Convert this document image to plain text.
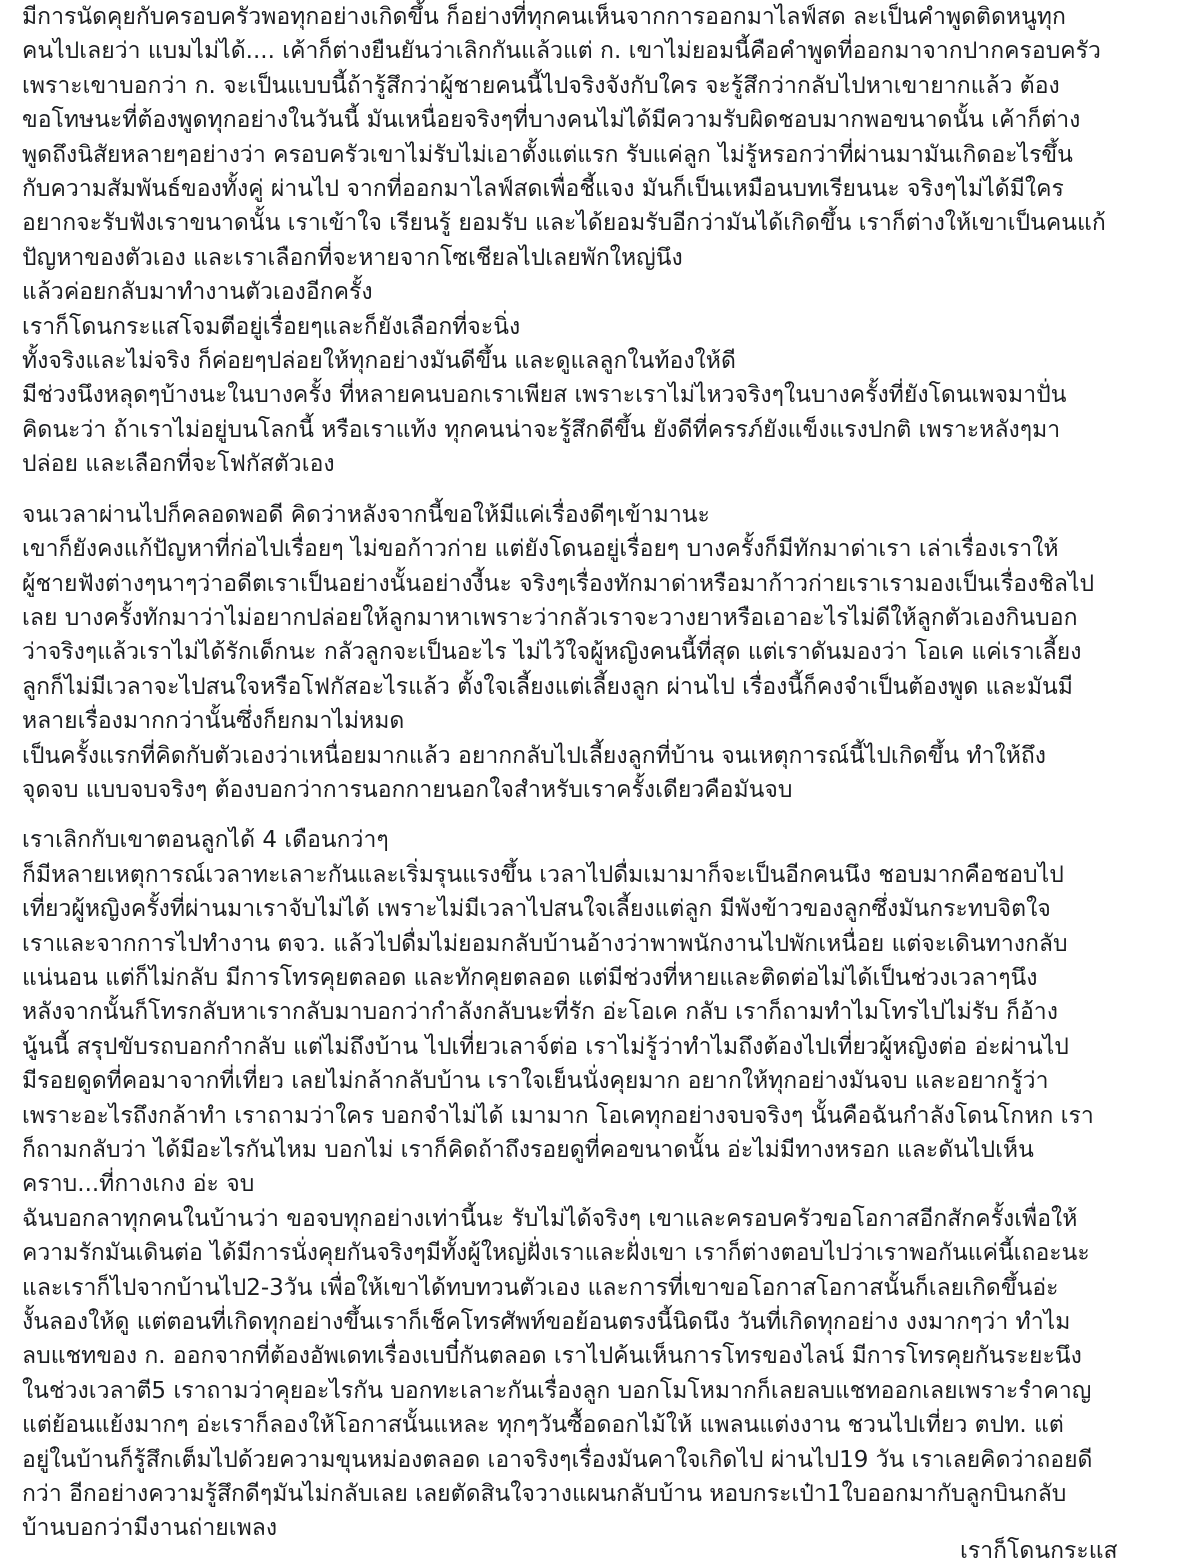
มีการนัดคุยกับครอบครัวพอทุกอย่างเกิดขึ้น ก็อย่างที่ทุกคนเห็นจากการออกมาไลฟ์สด ละเป็นคำพูดติดหนูทุก
คนไปเลยว่า แบมไม่ได้.... เค้าก็ต่างยืนยันว่าเลิกกันแล้วแต่ ก. เขาไม่ยอมนี้คือคำพูดที่ออกมาจากปากครอบครัว
เพราะเขาบอกว่า ก. จะเป็นแบบนี้ถ้ารู้สึกว่าผู้ชายคนนี้ไปจริงจังกับใคร จะรู้สึกว่ากลับไปหาเขายากแล้ว ต้อง
ขอโทษนะที่ต้องพูดทุกอย่างในวันนี้ มันเหนื่อยจริงๆที่บางคนไม่ได้มีความรับผิดชอบมากพอขนาดนั้น เค้าก็ต่าง
พูดถึงนิสัยหลายๆอย่างว่า ครอบครัวเขาไม่รับไม่เอาตั้งแต่แรก รับแค่ลูก ไม่รู้หรอกว่าที่ผ่านมามันเกิดอะไรขึ้น
กับความสัมพันธ์ของทั้งคู่ ผ่านไป จากที่ออกมาไลฟ์สดเพื่อชี้แจง มันก็เป็นเหมือนบทเรียนนะ จริงๆไม่ได้มีใคร
อยากจะรับฟังเราขนาดนั้น เราเข้าใจ เรียนรู้ ยอมรับ และได้ยอมรับอีกว่ามันได้เกิดขึ้น เราก็ต่างให้เขาเป็นคนแก้
ปัญหาของตัวเอง และเราเลือกที่จะหายจากโซเชียลไปเลยพักใหญ่นึง
แล้วค่อยกลับมาทำงานตัวเองอีกครั้ง
เราก็โดนกระแสโจมตีอยู่เรื่อยๆและก็ยังเลือกที่จะนิ่ง
ทั้งจริงและไม่จริง ก็ค่อยๆปล่อยให้ทุกอย่างมันดีขึ้น และดูแลลูกในท้องให้ดี
มีช่วงนึงหลุดๆบ้างนะในบางครั้ง ที่หลายคนบอกเราเพียส เพราะเราไม่ไหวจริงๆในบางครั้งที่ยังโดนเพจมาปั่น
คิดนะว่า ถ้าเราไม่อยู่บนโลกนี้ หรือเราแท้ง ทุกคนน่าจะรู้สึกดีขึ้น ยังดีที่ครรภ์ยังแข็งแรงปกติ เพราะหลังๆมา
ปล่อย และเลือกที่จะโฟกัสตัวเอง
จนเวลาผ่านไปก็คลอดพอดี คิดว่าหลังจากนี้ขอให้มีแค่เรื่องดีๆเข้ามานะ
เขาก็ยังคงแก้ปัญหาที่ก่อไปเรื่อยๆ ไม่ขอก้าวก่าย แต่ยังโดนอยู่เรื่อยๆ บางครั้งก็มีทักมาด่าเรา เล่าเรื่องเราให้
ผู้ชายฟังต่างๆนาๆว่าอดีตเราเป็นอย่างนั้นอย่างงี้นะ จริงๆเรื่องทักมาด่าหรือมาก้าวก่ายเราเรามองเป็นเรื่องชิลไป
เลย บางครั้งทักมาว่าไม่อยากปล่อยให้ลูกมาหาเพราะว่ากลัวเราจะวางยาหรือเอาอะไรไม่ดีให้ลูกตัวเองกินบอก
ว่าจริงๆแล้วเราไม่ได้รักเด็กนะ กลัวลูกจะเป็นอะไร ไม่ไว้ใจผู้หญิงคนนี้ที่สุด แต่เราดันมองว่า โอเค แค่เราเลี้ยง
ลูกก็ไม่มีเวลาจะไปสนใจหรือโฟกัสอะไรแล้ว ตั้งใจเลี้ยงแต่เลี้ยงลูก ผ่านไป เรื่องนี้ก็คงจำเป็นต้องพูด และมันมี
หลายเรื่องมากกว่านั้นซึ่งก็ยกมาไม่หมด
เป็นครั้งแรกที่คิดกับตัวเองว่าเหนื่อยมากแล้ว อยากกลับไปเลี้ยงลูกที่บ้าน จนเหตุการณ์นี้ไปเกิดขึ้น ทำให้ถึง
จุดจบ แบบจบจริงๆ ต้องบอกว่าการนอกกายนอกใจสำหรับเราครั้งเดียวคือมันจบ
เราเลิกกับเขาตอนลูกได้ 4 เดือนกว่าๆ
ก็มีหลายเหตุการณ์เวลาทะเลาะกันและเริ่มรุนแรงขึ้น เวลาไปดื่มเมามาก็จะเป็นอีกคนนึง ชอบมากคือชอบไป
เที่ยวผู้หญิงครั้งที่ผ่านมาเราจับไม่ได้ เพราะไม่มีเวลาไปสนใจเลี้ยงแต่ลูก มีพังข้าวของลูกซึ่งมันกระทบจิตใจ
เราและจากการไปทำงาน ตจว. แล้วไปดื่มไม่ยอมกลับบ้านอ้างว่าพาพนักงานไปพักเหนื่อย แต่จะเดินทางกลับ
แน่นอน แต่ก็ไม่กลับ มีการโทรคุยตลอด และทักคุยตลอด แต่มีช่วงที่หายและติดต่อไม่ได้เป็นช่วงเวลาๆนึง
หลังจากนั้นก็โทรกลับหาเรากลับมาบอกว่ากำลังกลับนะที่รัก อ่ะโอเค กลับ เราก็ถามทำไมโทรไปไม่รับ ก็อ้าง
นู้นนี้ สรุปขับรถบอกกำกลับ แต่ไม่ถึงบ้าน ไปเที่ยวเลาจ์ต่อ เราไม่รู้ว่าทำไมถึงต้องไปเที่ยวผู้หญิงต่อ อ่ะผ่านไป
มีรอยดูดที่คอมาจากที่เที่ยว เลยไม่กล้ากลับบ้าน เราใจเย็นนั่งคุยมาก อยากให้ทุกอย่างมันจบ และอยากรู้ว่า
เพราะอะไรถึงกล้าทำ เราถามว่าใคร บอกจำไม่ได้ เมามาก โอเคทุกอย่างจบจริงๆ นั้นคือฉันกำลังโดนโกหก เรา
ก็ถามกลับว่า ได้มีอะไรกันไหม บอกไม่ เราก็คิดถ้าถึงรอยดูที่คอขนาดนั้น อ่ะไม่มีทางหรอก และดันไปเห็น
คราบ...ที่กางเกง อ่ะ จบ
ฉันบอกลาทุกคนในบ้านว่า ขอจบทุกอย่างเท่านี้นะ รับไม่ได้จริงๆ เขาและครอบครัวขอโอกาสอีกสักครั้งเพื่อให้
ความรักมันเดินต่อ ได้มีการนั่งคุยกันจริงๆมีทั้งผู้ใหญ่ฝั่งเราและฝั่งเขา เราก็ต่างตอบไปว่าเราพอกันแค่นี้เถอะนะ
และเราก็ไปจากบ้านไป2-3วัน เพื่อให้เขาได้ทบทวนตัวเอง และการที่เขาขอโอกาสโอกาสนั้นก็เลยเกิดขึ้นอ่ะ
งั้นลองให้ดู แต่ตอนที่เกิดทุกอย่างขึ้นเราก็เช็คโทรศัพท์ขอย้อนตรงนี้นิดนึง วันที่เกิดทุกอย่าง งงมากๆว่า ทำไม
ลบแชทของ ก. ออกจากที่ต้องอัพเดทเรื่องเบบี๋กันตลอด เราไปค้นเห็นการโทรของไลน์ มีการโทรคุยกันระยะนึง
ในช่วงเวลาตี5 เราถามว่าคุยอะไรกัน บอกทะเลาะกันเรื่องลูก บอกโมโหมากก็เลยลบแชทออกเลยเพราะรำคาญ
แต่ย้อนแย้งมากๆ อ่ะเราก็ลองให้โอกาสนั้นแหละ ทุกๆวันซื้อดอกไม้ให้ แพลนแต่งงาน ชวนไปเที่ยว ตปท. แต่
อยู่ในบ้านก็รู้สึกเต็มไปด้วยความขุนหม่องตลอด เอาจริงๆเรื่องมันคาใจเกิดไป ผ่านไป19 วัน เราเลยคิดว่าถอยดี
กว่า อีกอย่างความรู้สึกดีๆมันไม่กลับเลย เลยตัดสินใจวางแผนกลับบ้าน หอบกระเป๋า1ใบออกมากับลูกบินกลับ
บ้านบอกว่ามีงานถ่ายเพลง
เราก็โดนกระแส
